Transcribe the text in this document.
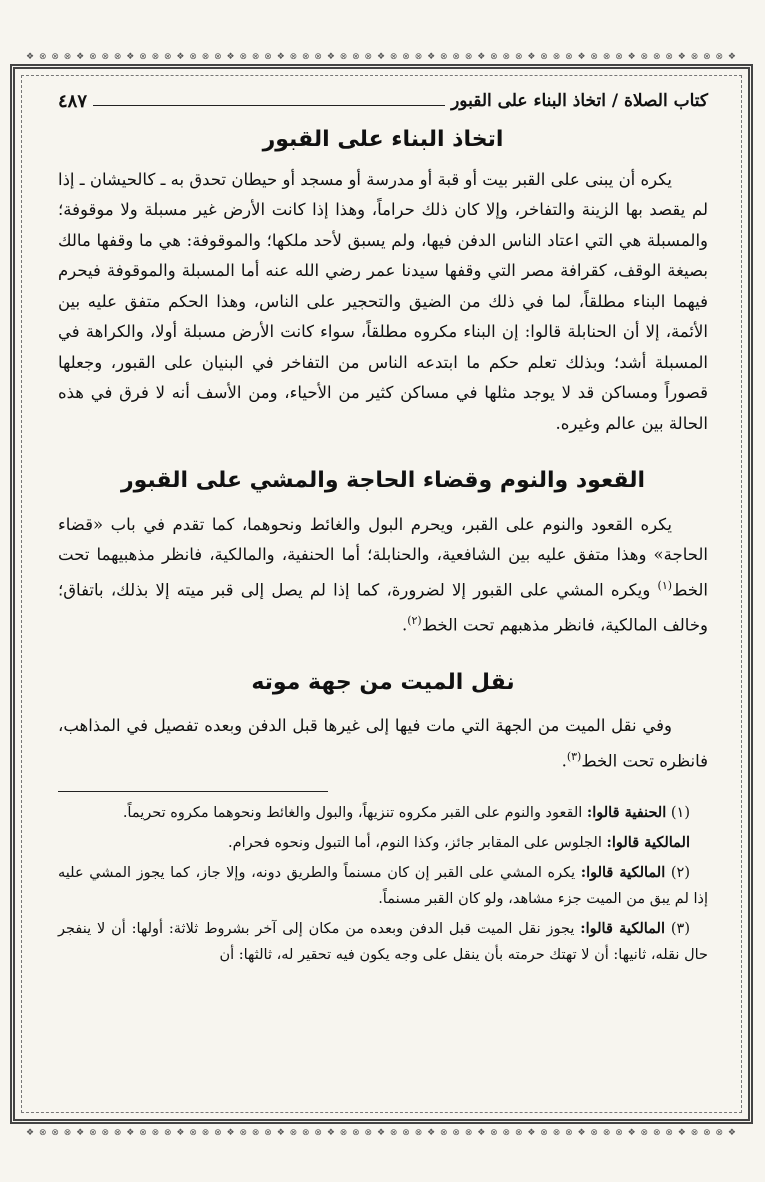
❖ ⊗ ⊗ ⊗ ❖ ⊗ ⊗ ⊗ ❖ ⊗ ⊗ ⊗ ❖ ⊗ ⊗ ⊗ ❖ ⊗ ⊗ ⊗ ❖ ⊗ ⊗ ⊗ ❖ ⊗ ⊗ ⊗ ❖ ⊗ ⊗ ⊗ ❖ ⊗ ⊗ ⊗ ❖ ⊗ ⊗ ⊗ ❖ ⊗ ⊗ ⊗ ❖ ⊗ ⊗ ⊗ ❖ ⊗ ⊗ ⊗ ❖ ⊗ ⊗ ⊗ ❖
❖ ⊗ ⊗ ⊗ ❖ ⊗ ⊗ ⊗ ❖ ⊗ ⊗ ⊗ ❖ ⊗ ⊗ ⊗ ❖ ⊗ ⊗ ⊗ ❖ ⊗ ⊗ ⊗ ❖ ⊗ ⊗ ⊗ ❖ ⊗ ⊗ ⊗ ❖ ⊗ ⊗ ⊗ ❖ ⊗ ⊗ ⊗ ❖ ⊗ ⊗ ⊗ ❖ ⊗ ⊗ ⊗ ❖ ⊗ ⊗ ⊗ ❖ ⊗ ⊗ ⊗ ❖
كتاب الصلاة / اتخاذ البناء على القبور
٤٨٧
اتخاذ البناء على القبور

يكره أن يبنى على القبر بيت أو قبة أو مدرسة أو مسجد أو حيطان تحدق به ـ كالحيشان ـ إذا لم يقصد بها الزينة والتفاخر، وإلا كان ذلك حراماً، وهذا إذا كانت الأرض غير مسبلة ولا موقوفة؛ والمسبلة هي التي اعتاد الناس الدفن فيها، ولم يسبق لأحد ملكها؛ والموقوفة: هي ما وقفها مالك بصيغة الوقف، كقرافة مصر التي وقفها سيدنا عمر رضي الله عنه أما المسبلة والموقوفة فيحرم فيهما البناء مطلقاً، لما في ذلك من الضيق والتحجير على الناس، وهذا الحكم متفق عليه بين الأئمة، إلا أن الحنابلة قالوا: إن البناء مكروه مطلقاً، سواء كانت الأرض مسبلة أولا، والكراهة في المسبلة أشد؛ وبذلك تعلم حكم ما ابتدعه الناس من التفاخر في البنيان على القبور، وجعلها قصوراً ومساكن قد لا يوجد مثلها في مساكن كثير من الأحياء، ومن الأسف أنه لا فرق في هذه الحالة بين عالم وغيره.

القعود والنوم وقضاء الحاجة والمشي على القبور

يكره القعود والنوم على القبر، ويحرم البول والغائط ونحوهما، كما تقدم في باب «قضاء الحاجة» وهذا متفق عليه بين الشافعية، والحنابلة؛ أما الحنفية، والمالكية، فانظر مذهبيهما تحت الخط$^{(١)}$ ويكره المشي على القبور إلا لضرورة، كما إذا لم يصل إلى قبر ميته إلا بذلك، باتفاق؛ وخالف المالكية، فانظر مذهبهم تحت الخط$^{(٢)}$.

نقل الميت من جهة موته

وفي نقل الميت من الجهة التي مات فيها إلى غيرها قبل الدفن وبعده تفصيل في المذاهب، فانظره تحت الخط$^{(٣)}$.

(١) الحنفية قالوا: القعود والنوم على القبر مكروه تنزيهاً، والبول والغائط ونحوهما مكروه تحريماً.

المالكية قالوا: الجلوس على المقابر جائز، وكذا النوم، أما التبول ونحوه فحرام.

(٢) المالكية قالوا: يكره المشي على القبر إن كان مسنماً والطريق دونه، وإلا جاز، كما يجوز المشي عليه إذا لم يبق من الميت جزء مشاهد، ولو كان القبر مسنماً.

(٣) المالكية قالوا: يجوز نقل الميت قبل الدفن وبعده من مكان إلى آخر بشروط ثلاثة: أولها: أن لا ينفجر حال نقله، ثانيها: أن لا تهتك حرمته بأن ينقل على وجه يكون فيه تحقير له، ثالثها: أن
